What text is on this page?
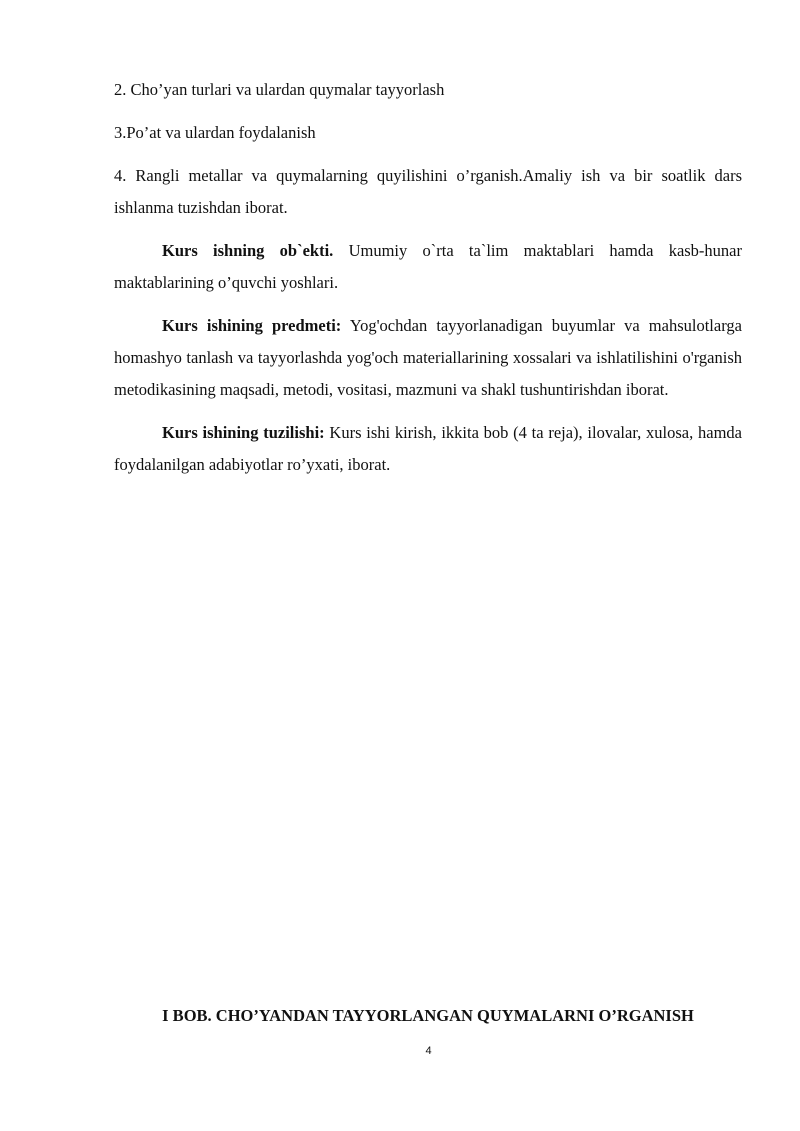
2. Cho’yan turlari va ulardan quymalar tayyorlash

3.Po’at va ulardan foydalanish

4. Rangli metallar va quymalarning quyilishini o’rganish.Amaliy ish va bir soatlik dars ishlanma tuzishdan iborat.

Kurs ishning ob`ekti. Umumiy o`rta ta`lim maktablari hamda kasb-hunar maktablarining o’quvchi yoshlari.

Kurs ishining predmeti: Yog'ochdan tayyorlanadigan buyumlar va mahsulotlarga homashyo tanlash va tayyorlashda yog'och materiallarining xossalari va ishlatilishini o'rganish metodikasining maqsadi, metodi, vositasi, mazmuni va shakl tushuntirishdan iborat.

Kurs ishining tuzilishi: Kurs ishi kirish, ikkita bob (4 ta reja), ilovalar, xulosa, hamda foydalanilgan adabiyotlar ro’yxati, iborat.

I BOB. CHO’YANDAN TAYYORLANGAN QUYMALARNI O’RGANISH
4
